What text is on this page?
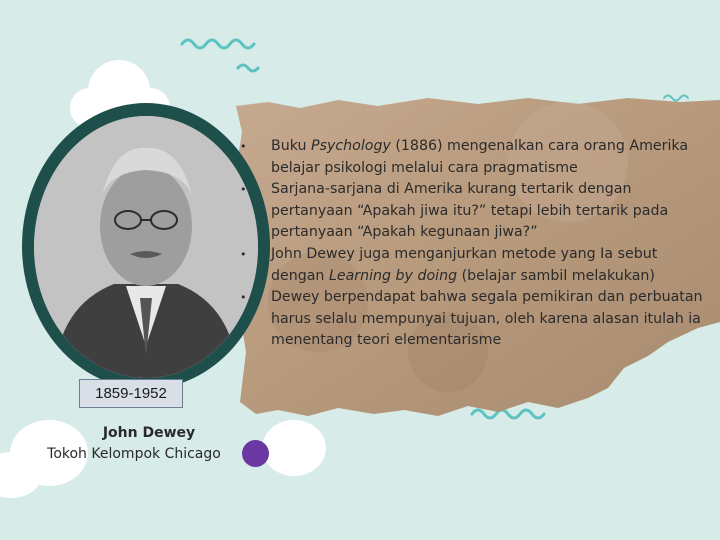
1859-1952
John Dewey
Tokoh Kelompok Chicago
• Buku Psychology (1886) mengenalkan cara orang Amerika belajar psikologi melalui cara pragmatisme
• Sarjana-sarjana di Amerika kurang tertarik dengan pertanyaan “Apakah jiwa itu?” tetapi lebih tertarik pada pertanyaan “Apakah kegunaan jiwa?”
• John Dewey juga menganjurkan metode yang Ia sebut dengan Learning by doing (belajar sambil melakukan)
• Dewey berpendapat bahwa segala pemikiran dan perbuatan harus selalu mempunyai tujuan, oleh karena alasan itulah ia menentang teori elementarisme
